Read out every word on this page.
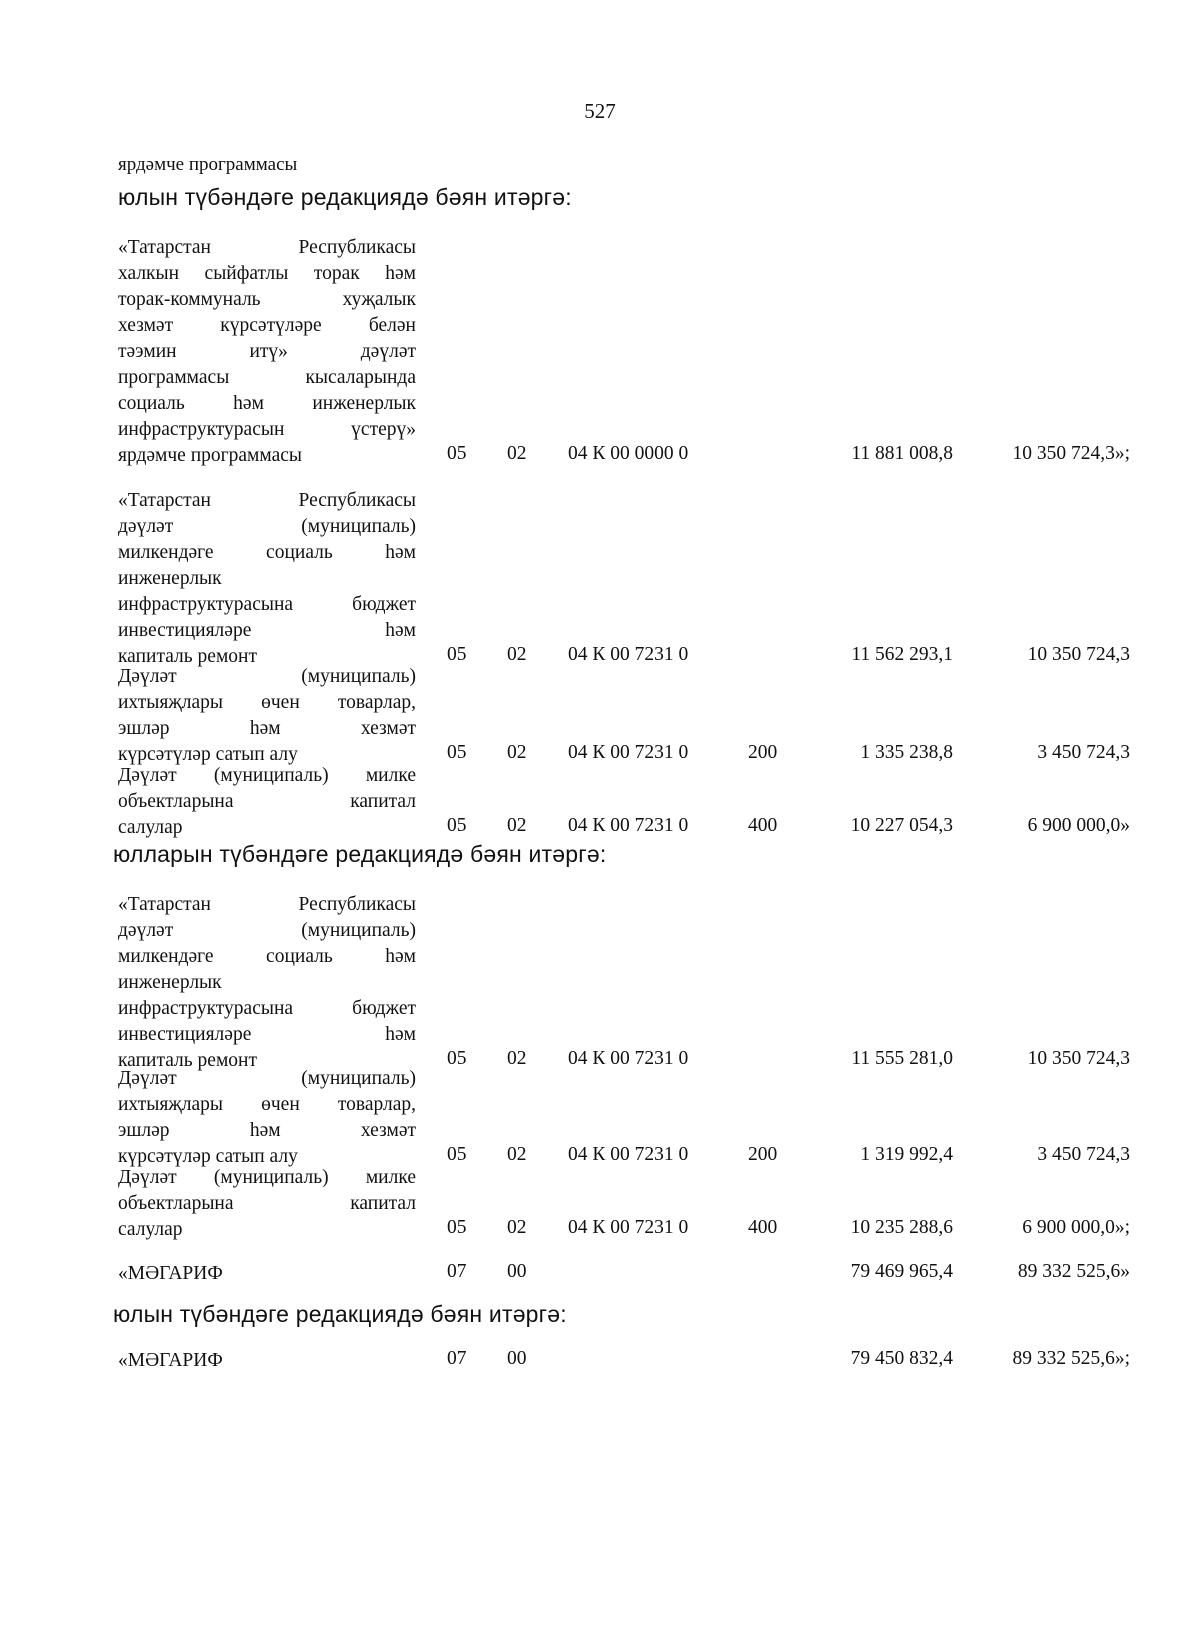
527
ярдəмче программасы
юлын түбəндəге редакциядə бəян итəргə:
«Татарстан Республикасы
халкын сыйфатлы торак һəм
торак-коммуналь хуҗалык
хезмəт күрсəтүлəре белəн
тəэмин итү» дəүлəт
программасы кысаларында
социаль һəм инженерлык
инфраструктурасын үстерү»
ярдəмче программасы	05 02 04 К 00 0000 0	11 881 008,8	10 350 724,3»;
«Татарстан Республикасы
дəүлəт (муниципаль)
милкендəге социаль һəм
инженерлык
инфраструктурасына бюджет
инвестициялəре һəм
капиталь ремонт	05 02 04 К 00 7231 0	11 562 293,1	10 350 724,3
Дəүлəт (муниципаль)
ихтыяҗлары өчен товарлар,
эшлəр һəм хезмəт
күрсəтүлəр сатып алу	05 02 04 К 00 7231 0	200	1 335 238,8	3 450 724,3
Дəүлəт (муниципаль) милке
объектларына капитал
салулар	05 02 04 К 00 7231 0	400	10 227 054,3	6 900 000,0»
«Татарстан Республикасы
дəүлəт (муниципаль)
милкендəге социаль һəм
инженерлык
инфраструктурасына бюджет
инвестициялəре һəм
капиталь ремонт	05 02 04 К 00 7231 0	11 555 281,0	10 350 724,3
Дəүлəт (муниципаль)
ихтыяҗлары өчен товарлар,
эшлəр һəм хезмəт
күрсəтүлəр сатып алу	05 02 04 К 00 7231 0	200	1 319 992,4	3 450 724,3
Дəүлəт (муниципаль) милке
объектларына капитал
салулар	05 02 04 К 00 7231 0	400	10 235 288,6	6 900 000,0»;
«МƏГАРИФ	07 00	79 469 965,4	89 332 525,6»
«МƏГАРИФ	07 00	79 450 832,4	89 332 525,6»;
юлларын түбəндəге редакциядə бəян итəргə:
юлын түбəндəге редакциядə бəян итəргə:
